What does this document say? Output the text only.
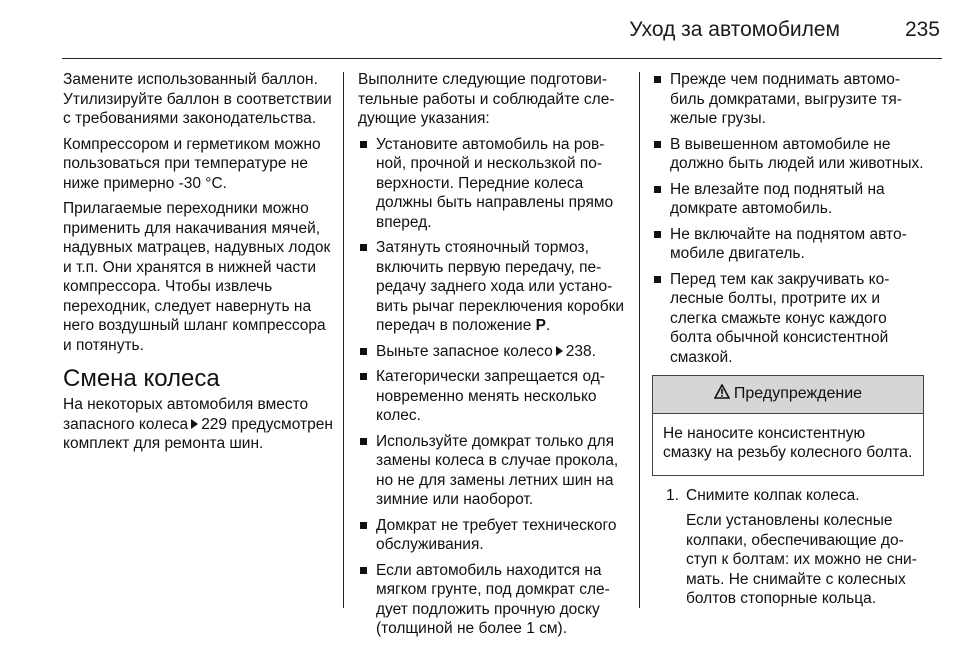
Уход за автомобилем	235

Замените использованный баллон. Утилизируйте баллон в соответствии с требованиями законодательства.

Компрессором и герметиком можно пользоваться при температуре не ниже примерно -30 °C.

Прилагаемые переходники можно применить для накачивания мячей, надувных матрацев, надувных лодок и т.п. Они хранятся в нижней части компрессора. Чтобы извлечь переходник, следует навернуть на него воздушный шланг компрессора и потянуть.

Смена колеса

На некоторых автомобиля вместо запасного колеса 229 предусмотрен комплект для ремонта шин.

Выполните следующие подготовительные работы и соблюдайте следующие указания:

Установите автомобиль на ровной, прочной и нескользкой поверхности. Передние колеса должны быть направлены прямо вперед.
Затянуть стояночный тормоз, включить первую передачу, передачу заднего хода или установить рычаг переключения коробки передач в положение P.
Выньте запасное колесо 238.
Категорически запрещается одновременно менять несколько колес.
Используйте домкрат только для замены колеса в случае прокола, но не для замены летних шин на зимние или наоборот.
Домкрат не требует технического обслуживания.
Если автомобиль находится на мягком грунте, под домкрат следует подложить прочную доску (толщиной не более 1 см).
Прежде чем поднимать автомобиль домкратами, выгрузите тяжелые грузы.
В вывешенном автомобиле не должно быть людей или животных.
Не влезайте под поднятый на домкрате автомобиль.
Не включайте на поднятом автомобиле двигатель.
Перед тем как закручивать колесные болты, протрите их и слегка смажьте конус каждого болта обычной консистентной смазкой.
Предупреждение
Не наносите консистентную смазку на резьбу колесного болта.
1. Снимите колпак колеса.
Если установлены колесные колпаки, обеспечивающие доступ к болтам: их можно не снимать. Не снимайте с колесных болтов стопорные кольца.
